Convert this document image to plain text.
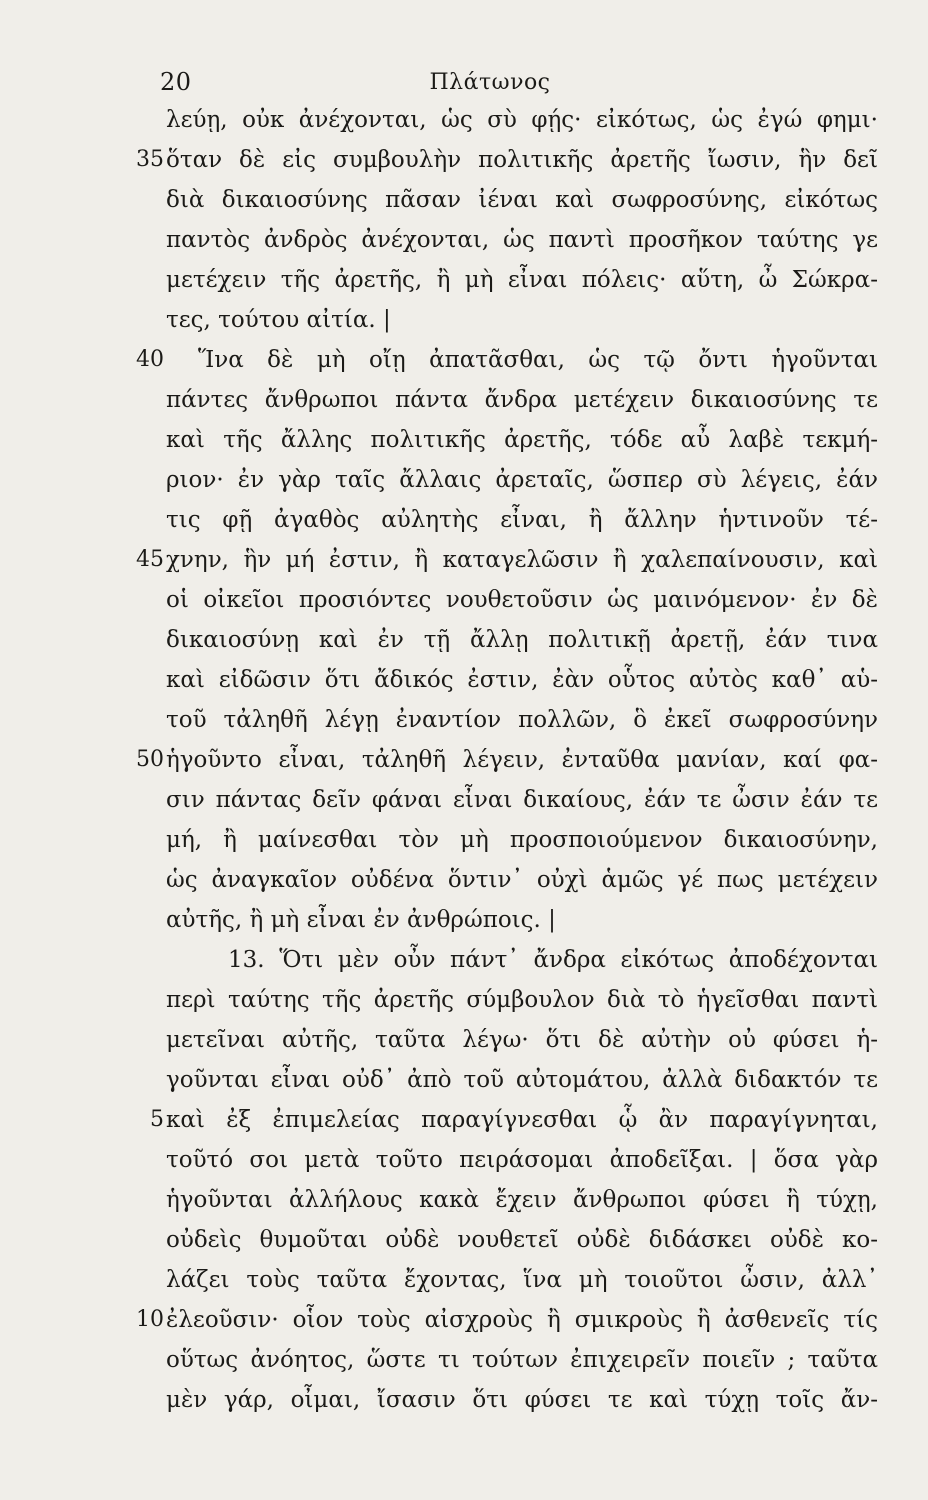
20	Πλάτωνος
λεύῃ, οὐκ ἀνέχονται, ὡς σὺ φῄς· εἰκότως, ὡς ἐγώ φημι·
35 ὅταν δὲ εἰς συμβουλὴν πολιτικῆς ἀρετῆς ἴωσιν, ἣν δεῖ
διὰ δικαιοσύνης πᾶσαν ἰέναι καὶ σωφροσύνης, εἰκότως
παντὸς ἀνδρὸς ἀνέχονται, ὡς παντὶ προσῆκον ταύτης γε
μετέχειν τῆς ἀρετῆς, ἢ μὴ εἶναι πόλεις· αὕτη, ὦ Σώκρα-
τες, τούτου αἰτία. |
40 Ἵνα δὲ μὴ οἴῃ ἀπατᾶσθαι, ὡς τῷ ὄντι ἡγοῦνται
πάντες ἄνθρωποι πάντα ἄνδρα μετέχειν δικαιοσύνης τε
καὶ τῆς ἄλλης πολιτικῆς ἀρετῆς, τόδε αὖ λαβὲ τεκμή-
ριον· ἐν γὰρ ταῖς ἄλλαις ἀρεταῖς, ὥσπερ σὺ λέγεις, ἐάν
τις φῇ ἀγαθὸς αὐλητὴς εἶναι, ἢ ἄλλην ἡντινοῦν τέ-
45 χνην, ἣν μή ἐστιν, ἢ καταγελῶσιν ἢ χαλεπαίνουσιν, καὶ
οἱ οἰκεῖοι προσιόντες νουθετοῦσιν ὡς μαινόμενον· ἐν δὲ
δικαιοσύνῃ καὶ ἐν τῇ ἄλλῃ πολιτικῇ ἀρετῇ, ἐάν τινα
καὶ εἰδῶσιν ὅτι ἄδικός ἐστιν, ἐὰν οὗτος αὐτὸς καθ᾽ αὑ-
τοῦ τἀληθῆ λέγῃ ἐναντίον πολλῶν, ὃ ἐκεῖ σωφροσύνην
50 ἡγοῦντο εἶναι, τἀληθῆ λέγειν, ἐνταῦθα μανίαν, καί φα-
σιν πάντας δεῖν φάναι εἶναι δικαίους, ἐάν τε ὦσιν ἐάν τε
μή, ἢ μαίνεσθαι τὸν μὴ προσποιούμενον δικαιοσύνην,
ὡς ἀναγκαῖον οὐδένα ὅντιν᾽ οὐχὶ ἁμῶς γέ πως μετέχειν
αὐτῆς, ἢ μὴ εἶναι ἐν ἀνθρώποις. |
13. Ὅτι μὲν οὖν πάντ᾽ ἄνδρα εἰκότως ἀποδέχονται
περὶ ταύτης τῆς ἀρετῆς σύμβουλον διὰ τὸ ἡγεῖσθαι παντὶ
μετεῖναι αὐτῆς, ταῦτα λέγω· ὅτι δὲ αὐτὴν οὐ φύσει ἡ-
γοῦνται εἶναι οὐδ᾽ ἀπὸ τοῦ αὐτομάτου, ἀλλὰ διδακτόν τε
5 καὶ ἐξ ἐπιμελείας παραγίγνεσθαι ᾧ ἂν παραγίγνηται,
τοῦτό σοι μετὰ τοῦτο πειράσομαι ἀποδεῖξαι. | ὅσα γὰρ
ἡγοῦνται ἀλλήλους κακὰ ἔχειν ἄνθρωποι φύσει ἢ τύχῃ,
οὐδεὶς θυμοῦται οὐδὲ νουθετεῖ οὐδὲ διδάσκει οὐδὲ κο-
λάζει τοὺς ταῦτα ἔχοντας, ἵνα μὴ τοιοῦτοι ὦσιν, ἀλλ᾽
10 ἐλεοῦσιν· οἷον τοὺς αἰσχροὺς ἢ σμικροὺς ἢ ἀσθενεῖς τίς
οὕτως ἀνόητος, ὥστε τι τούτων ἐπιχειρεῖν ποιεῖν ; ταῦτα
μὲν γάρ, οἶμαι, ἴσασιν ὅτι φύσει τε καὶ τύχῃ τοῖς ἄν-
